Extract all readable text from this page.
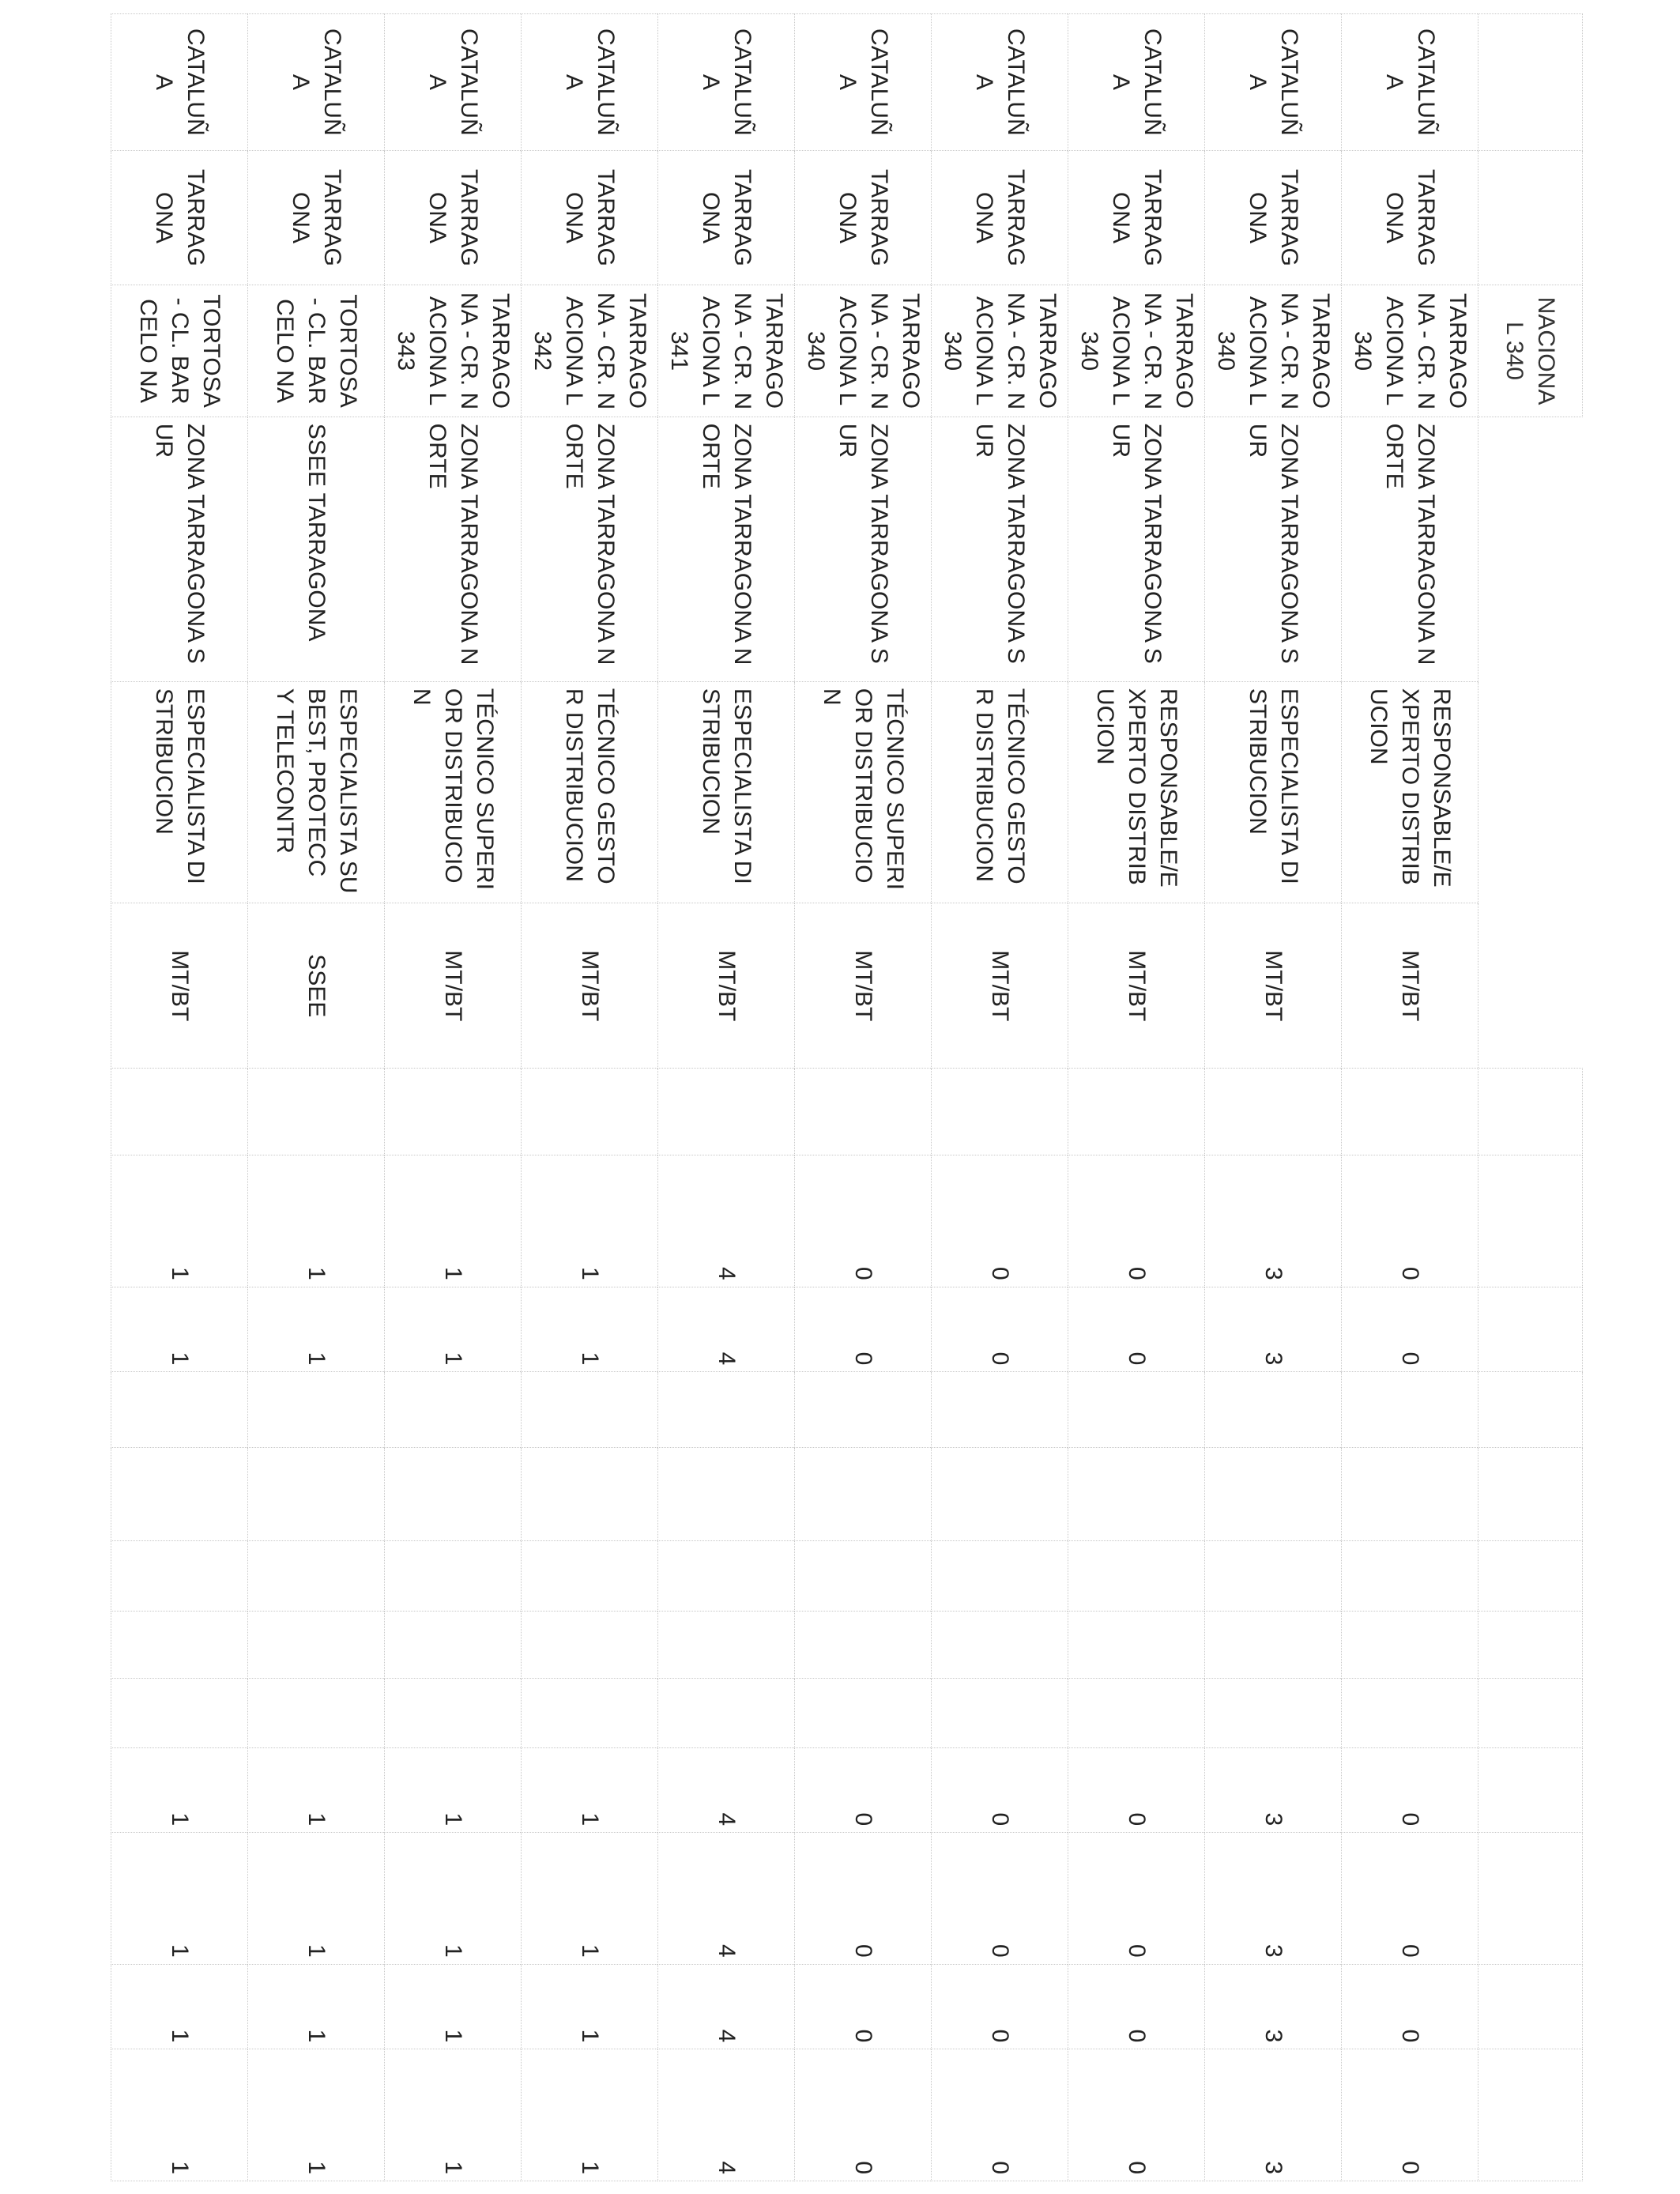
		NACIONA L 340															
CATALUÑ A	TARRAG ONA	TARRAGO NA - CR. NACIONA L 340	ZONA TARRAGONA NORTE	RESPONSABLE/E XPERTO DISTRIBUCION	MT/BT		0	0						0	0	0	0
CATALUÑ A	TARRAG ONA	TARRAGO NA - CR. NACIONA L 340	ZONA TARRAGONA SUR	ESPECIALISTA DISTRIBUCION	MT/BT		3	3						3	3	3	3
CATALUÑ A	TARRAG ONA	TARRAGO NA - CR. NACIONA L 340	ZONA TARRAGONA SUR	RESPONSABLE/E XPERTO DISTRIBUCION	MT/BT		0	0						0	0	0	0
CATALUÑ A	TARRAG ONA	TARRAGO NA - CR. NACIONA L 340	ZONA TARRAGONA SUR	TÉCNICO GESTOR DISTRIBUCION	MT/BT		0	0						0	0	0	0
CATALUÑ A	TARRAG ONA	TARRAGO NA - CR. NACIONA L 340	ZONA TARRAGONA SUR	TÉCNICO SUPERIOR DISTRIBUCION	MT/BT		0	0						0	0	0	0
CATALUÑ A	TARRAG ONA	TARRAGO NA - CR. NACIONA L 341	ZONA TARRAGONA NORTE	ESPECIALISTA DISTRIBUCION	MT/BT		4	4						4	4	4	4
CATALUÑ A	TARRAG ONA	TARRAGO NA - CR. NACIONA L 342	ZONA TARRAGONA NORTE	TÉCNICO GESTOR DISTRIBUCION	MT/BT		1	1						1	1	1	1
CATALUÑ A	TARRAG ONA	TARRAGO NA - CR. NACIONA L 343	ZONA TARRAGONA NORTE	TÉCNICO SUPERIOR DISTRIBUCION	MT/BT		1	1						1	1	1	1
CATALUÑ A	TARRAG ONA	TORTOSA - CL. BARCELO NA	SSEE TARRAGONA	ESPECIALISTA SUBEST, PROTECC Y TELECONTR	SSEE		1	1						1	1	1	1
CATALUÑ A	TARRAG ONA	TORTOSA - CL. BARCELO NA	ZONA TARRAGONA SUR	ESPECIALISTA DISTRIBUCION	MT/BT		1	1						1	1	1	1
